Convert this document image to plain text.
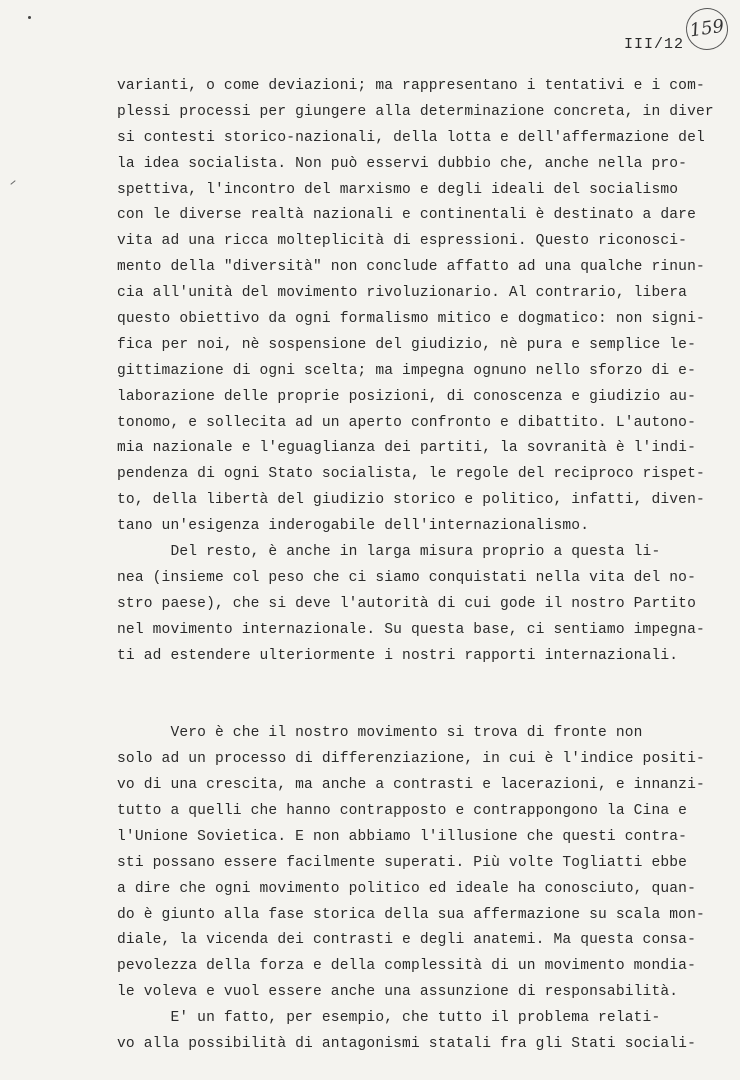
159
III/12
varianti, o come deviazioni; ma rappresentano i tentativi e i com-
plessi processi per giungere alla determinazione concreta, in diver
si contesti storico-nazionali, della lotta e dell'affermazione del
la idea socialista. Non può esservi dubbio che, anche nella pro-
spettiva, l'incontro del marxismo e degli ideali del socialismo
con le diverse realtà nazionali e continentali è destinato a dare
vita ad una ricca molteplicità di espressioni. Questo riconosci-
mento della "diversità" non conclude affatto ad una qualche rinun-
cia all'unità del movimento rivoluzionario. Al contrario, libera
questo obiettivo da ogni formalismo mitico e dogmatico: non signi-
fica per noi, nè sospensione del giudizio, nè pura e semplice le-
gittimazione di ogni scelta; ma impegna ognuno nello sforzo di e-
laborazione delle proprie posizioni, di conoscenza e giudizio au-
tonomo, e sollecita ad un aperto confronto e dibattito. L'autono-
mia nazionale e l'eguaglianza dei partiti, la sovranità è l'indi-
pendenza di ogni Stato socialista, le regole del reciproco rispet-
to, della libertà del giudizio storico e politico, infatti, diven-
tano un'esigenza inderogabile dell'internazionalismo.
Del resto, è anche in larga misura proprio a questa li-
nea (insieme col peso che ci siamo conquistati nella vita del no-
stro paese), che si deve l'autorità di cui gode il nostro Partito
nel movimento internazionale. Su questa base, ci sentiamo impegna-
ti ad estendere ulteriormente i nostri rapporti internazionali.
Vero è che il nostro movimento si trova di fronte non
solo ad un processo di differenziazione, in cui è l'indice positi-
vo di una crescita, ma anche a contrasti e lacerazioni, e innanzi-
tutto a quelli che hanno contrapposto e contrappongono la Cina e
l'Unione Sovietica. E non abbiamo l'illusione che questi contra-
sti possano essere facilmente superati. Più volte Togliatti ebbe
a dire che ogni movimento politico ed ideale ha conosciuto, quan-
do è giunto alla fase storica della sua affermazione su scala mon-
diale, la vicenda dei contrasti e degli anatemi. Ma questa consa-
pevolezza della forza e della complessità di un movimento mondia-
le voleva e vuol essere anche una assunzione di responsabilità.
E' un fatto, per esempio, che tutto il problema relati-
vo alla possibilità di antagonismi statali fra gli Stati sociali-
